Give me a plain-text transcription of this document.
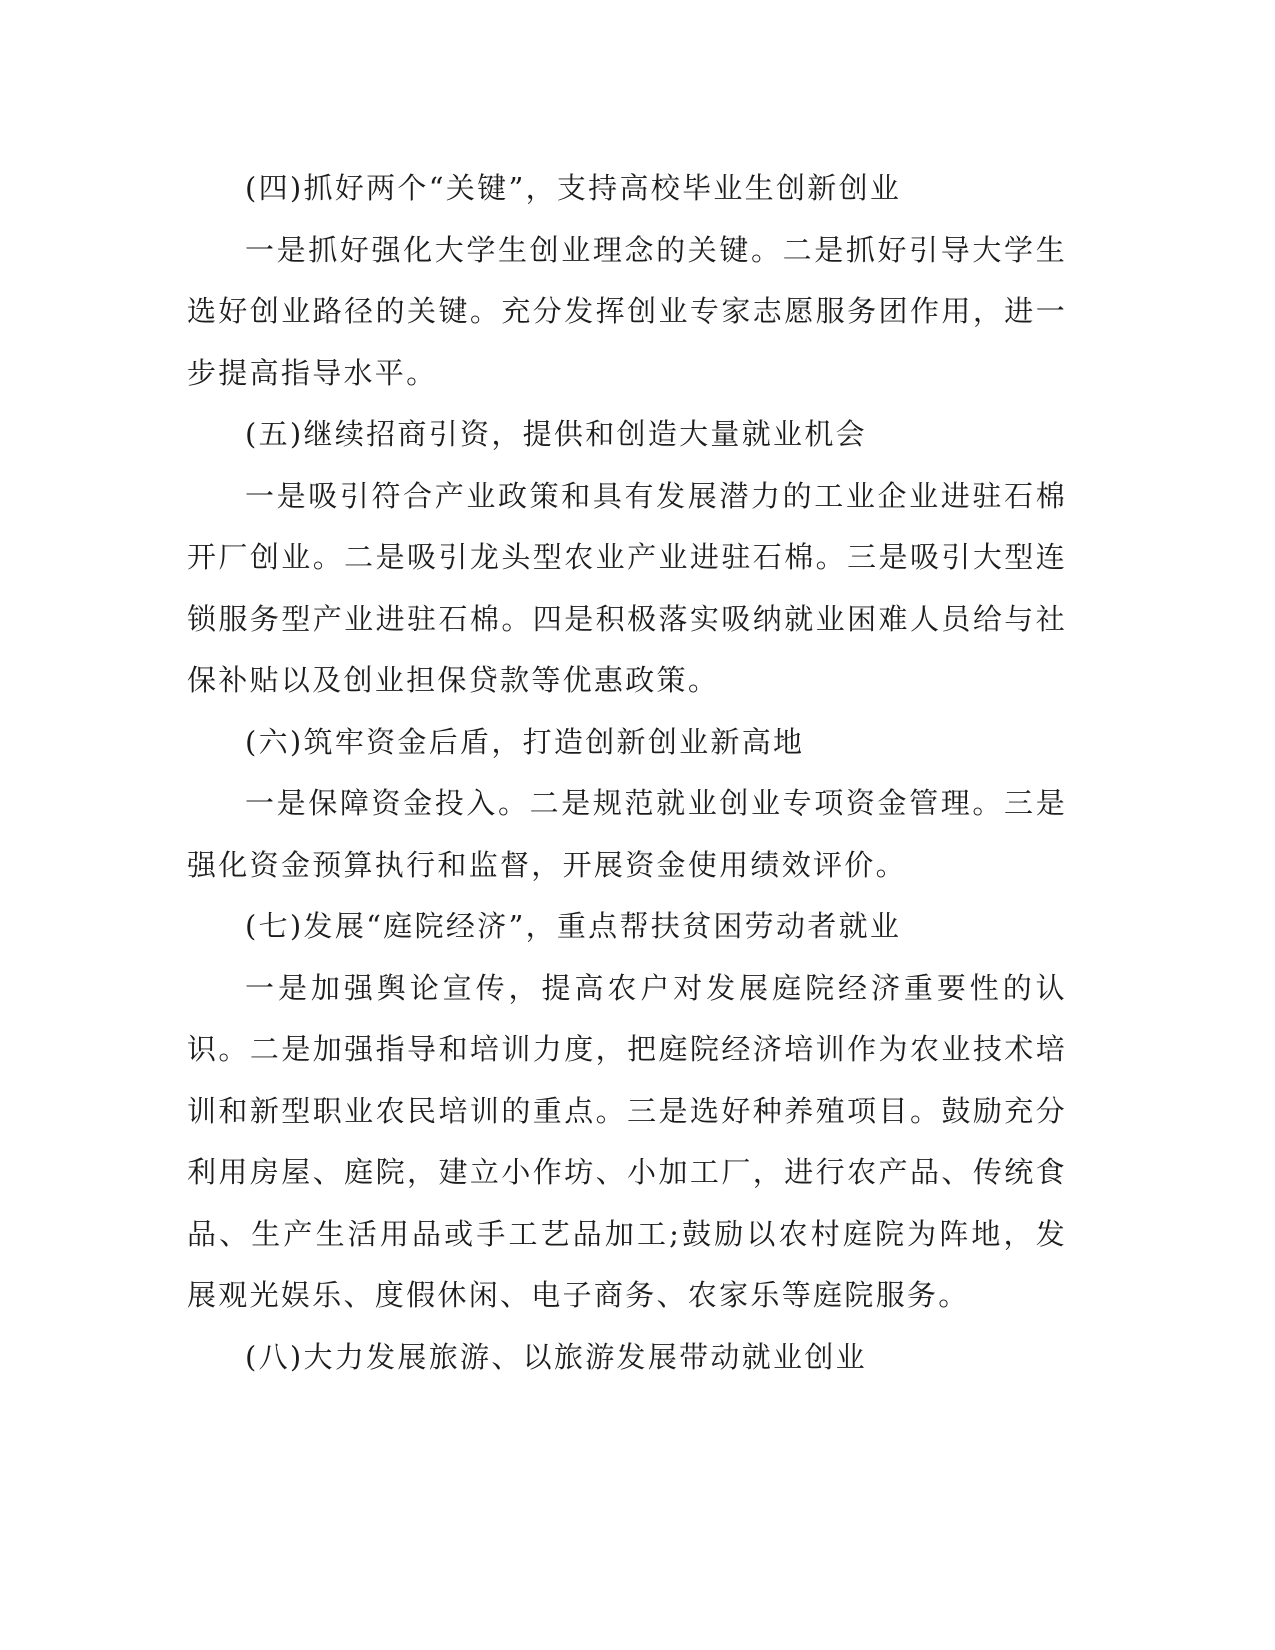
(四)抓好两个“关键”，支持高校毕业生创新创业

一是抓好强化大学生创业理念的关键。二是抓好引导大学生选好创业路径的关键。充分发挥创业专家志愿服务团作用，进一步提高指导水平。

(五)继续招商引资，提供和创造大量就业机会

一是吸引符合产业政策和具有发展潜力的工业企业进驻石棉开厂创业。二是吸引龙头型农业产业进驻石棉。三是吸引大型连锁服务型产业进驻石棉。四是积极落实吸纳就业困难人员给与社保补贴以及创业担保贷款等优惠政策。

(六)筑牢资金后盾，打造创新创业新高地

一是保障资金投入。二是规范就业创业专项资金管理。三是强化资金预算执行和监督，开展资金使用绩效评价。

(七)发展“庭院经济”，重点帮扶贫困劳动者就业

一是加强舆论宣传，提高农户对发展庭院经济重要性的认识。二是加强指导和培训力度，把庭院经济培训作为农业技术培训和新型职业农民培训的重点。三是选好种养殖项目。鼓励充分利用房屋、庭院，建立小作坊、小加工厂，进行农产品、传统食品、生产生活用品或手工艺品加工;鼓励以农村庭院为阵地，发展观光娱乐、度假休闲、电子商务、农家乐等庭院服务。

(八)大力发展旅游、以旅游发展带动就业创业
